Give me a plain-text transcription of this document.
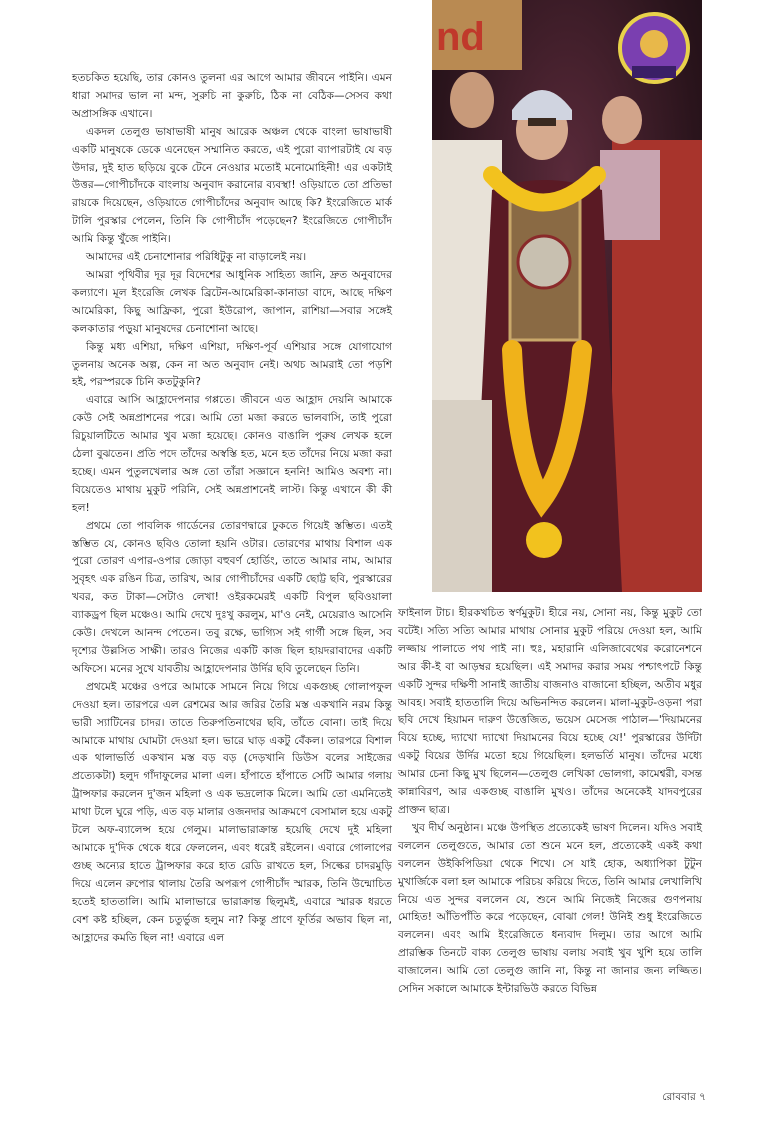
হতচকিত হয়েছি, তার কোনও তুলনা এর আগে আমার জীবনে পাইনি। এমন ধারা সমাদর ভাল না মন্দ, সুরুচি না কুরুচি, ঠিক না বেঠিক—সেসব কথা অপ্রাসঙ্গিক এখানে।

একদল তেলুগু ভাষাভাষী মানুষ আরেক অঞ্চল থেকে বাংলা ভাষাভাষী একটি মানুষকে ডেকে এনেছেন সম্মানিত করতে, এই পুরো ব্যাপারটাই যে বড় উদার, দুই হাত ছড়িয়ে বুকে টেনে নেওয়ার মতোই মনোমোহিনী! এর একটাই উত্তর—গোপীচাঁদকে বাংলায় অনুবাদ করানোর ব্যবস্থা! ওড়িয়াতে তো প্রতিভা রায়কে দিয়েছেন, ওড়িয়াতে গোপীচাঁদের অনুবাদ আছে কি? ইংরেজিতে মার্ক টালি পুরস্কার পেলেন, তিনি কি গোপীচাঁদ পড়েছেন? ইংরেজিতে গোপীচাঁদ আমি কিন্তু খুঁজে পাইনি।

আমাদের এই চেনাশোনার পরিধিটুকু না বাড়ালেই নয়।

আমরা পৃথিবীর দূর দূর বিদেশের আধুনিক সাহিত্য জানি, দ্রুত অনুবাদের কল্যাণে। মূল ইংরেজি লেখক ব্রিটেন-আমেরিকা-কানাডা বাদে, আছে দক্ষিণ আমেরিকা, কিছু আফ্রিকা, পুরো ইউরোপ, জাপান, রাশিয়া—সবার সঙ্গেই কলকাতার পড়ুয়া মানুষদের চেনাশোনা আছে।

কিন্তু মধ্য এশিয়া, দক্ষিণ এশিয়া, দক্ষিণ-পূর্ব এশিয়ার সঙ্গে যোগাযোগ তুলনায় অনেক অল্প, কেন না অত অনুবাদ নেই। অথচ আমরাই তো পড়শি হই, পরস্পরকে চিনি কতটুকুনি?

এবারে আসি আহ্লাদেপনার গপ্পতে। জীবনে এত আহ্লাদ দেয়নি আমাকে কেউ সেই অন্নপ্রাশনের পরে। আমি তো মজা করতে ভালবাসি, তাই পুরো রিচুয়ালটিতে আমার খুব মজা হয়েছে। কোনও বাঙালি পুরুষ লেখক হলে ঠেলা বুঝতেন। প্রতি পদে তাঁদের অস্বস্তি হত, মনে হত তাঁদের নিয়ে মজা করা হচ্ছে। এমন পুতুলখেলার অঙ্গ তো তাঁরা সজ্ঞানে হননি! আমিও অবশ্য না। বিয়েতেও মাথায় মুকুট পরিনি, সেই অন্নপ্রাশনেই লাস্ট। কিন্তু এখানে কী কী হল!

প্রথমে তো পাবলিক গার্ডেনের তোরণদ্বারে ঢুকতে গিয়েই স্তম্ভিত। এতই স্তম্ভিত যে, কোনও ছবিও তোলা হয়নি ওটার। তোরণের মাথায় বিশাল এক পুরো তোরণ এপার-ওপার জোড়া বহুবর্ণ হোর্ডিং, তাতে আমার নাম, আমার সুবৃহৎ এক রঙিন চিত্র, তারিখ, আর গোপীচাঁদের একটি ছোট্ট ছবি, পুরস্কারের খবর, কত টাকা—সেটাও লেখা! ওইরকমেরই একটি বিপুল ছবিওয়ালা ব্যাকড্রপ ছিল মঞ্চেও। আমি দেখে দুঃখু করলুম, মা'ও নেই, মেয়েরাও আসেনি কেউ। দেখলে আনন্দ পেতেন। তবু রক্ষে, ভাগ্যিস সই গার্গী সঙ্গে ছিল, সব দৃশ্যের উল্লসিত সাক্ষী। তারও নিজের একটি কাজ ছিল হায়দরাবাদের একটি অফিসে। মনের সুখে যাবতীয় আহ্লাদেপনার উর্দির ছবি তুলেছেন তিনি।

প্রথমেই মঞ্চের ওপরে আমাকে সামনে নিয়ে গিয়ে একগুচ্ছ গোলাপফুল দেওয়া হল। তারপরে এল রেশমের আর জরির তৈরি মস্ত একখানি নরম কিন্তু ভারী স্যাটিনের চাদর। তাতে তিরুপতিনাথের ছবি, তাঁতে বোনা। তাই দিয়ে আমাকে মাথায় ঘোমটা দেওয়া হল। ভারে ঘাড় একটু বেঁকল। তারপরে বিশাল এক থালাভর্তি একখান মস্ত বড় বড় (দেড়খানি ডিউস বলের সাইজের প্রত্যেকটা) হলুদ গাঁদাফুলের মালা এল। হাঁপাতে হাঁপাতে সেটি আমার গলায় ট্রান্সফার করলেন দু'জন মহিলা ও এক ভদ্রলোক মিলে। আমি তো এমনিতেই মাথা টলে ঘুরে পড়ি, এত বড় মালার ওজনদার আক্রমণে বেসামাল হয়ে একটু টলে অফ-ব্যালেন্স হয়ে গেলুম। মালাভারাক্রান্ত হয়েছি দেখে দুই মহিলা আমাকে দু'দিক থেকে ধরে ফেললেন, এবং ধরেই রইলেন। এবারে গোলাপের গুচ্ছ অন্যের হাতে ট্রান্সফার করে হাত রেডি রাখতে হল, সিল্কের চাদরমুড়ি দিয়ে এলেন রুপোর থালায় তৈরি অপরূপ গোপীচাঁদ স্মারক, তিনি উন্মোচিত হতেই হাততালি। আমি মালাভারে ভারাক্রান্ত ছিলুমই, এবারে স্মারক ধরতে বেশ কষ্ট হচ্ছিল, কেন চতুর্ভুজ হলুম না? কিন্তু প্রাণে ফূর্তির অভাব ছিল না, আহ্লাদের কমতি ছিল না! এবারে এল

nd

ফাইনাল টাচ। হীরকখচিত স্বর্ণমুকুট। হীরে নয়, সোনা নয়, কিন্তু মুকুট তো বটেই। সত্যি সত্যি আমার মাথায় সোনার মুকুট পরিয়ে দেওয়া হল, আমি লজ্জায় পালাতে পথ পাই না। হুঃ, মহারানি এলিজাবেথের করোনেশনে আর কী-ই বা আড়ম্বর হয়েছিল। এই সমাদর করার সময় পশ্চাৎপটে কিন্তু একটি সুন্দর দক্ষিণী সানাই জাতীয় বাজনাও বাজানো হচ্ছিল, অতীব মধুর আবহ। সবাই হাততালি দিয়ে অভিনন্দিত করলেন। মালা-মুকুট-ওড়না পরা ছবি দেখে হিয়ামন দারুণ উত্তেজিত, ভয়েস মেসেজ পাঠাল—'দিয়ামনের বিয়ে হচ্ছে, দ্যাখো দ্যাখো দিয়ামনের বিয়ে হচ্ছে যে!' পুরস্কারের উর্দিটা একটু বিয়ের উর্দির মতো হয়ে গিয়েছিল। হলভর্তি মানুষ। তাঁদের মধ্যে আমার চেনা কিছু মুখ ছিলেন—তেলুগু লেখিকা ভোলগা, কামেশ্বরী, বসন্ত কান্নাবিরণ, আর একগুচ্ছ বাঙালি মুখও। তাঁদের অনেকেই যাদবপুরের প্রাক্তন ছাত্র।

খুব দীর্ঘ অনুষ্ঠান। মঞ্চে উপস্থিত প্রত্যেকেই ভাষণ দিলেন। যদিও সবাই বললেন তেলুগুতে, আমার তো শুনে মনে হল, প্রত্যেকেই একই কথা বললেন উইকিপিডিয়া থেকে শিখে। সে যাই হোক, অধ্যাপিকা টুটুন মুখার্জিকে বলা হল আমাকে পরিচয় করিয়ে দিতে, তিনি আমার লেখালিখি নিয়ে এত সুন্দর বললেন যে, শুনে আমি নিজেই নিজের গুণপনায় মোহিত! আঁতিপাঁতি করে পড়েছেন, বোঝা গেল! উনিই শুধু ইংরেজিতে বললেন। এবং আমি ইংরেজিতে ধন্যবাদ দিলুম। তার আগে আমি প্রারম্ভিক তিনটে বাক্য তেলুগু ভাষায় বলায় সবাই খুব খুশি হয়ে তালি বাজালেন। আমি তো তেলুগু জানি না, কিন্তু না জানার জন্য লজ্জিত। সেদিন সকালে আমাকে ইন্টারভিউ করতে বিভিন্ন

রোববার ৭
